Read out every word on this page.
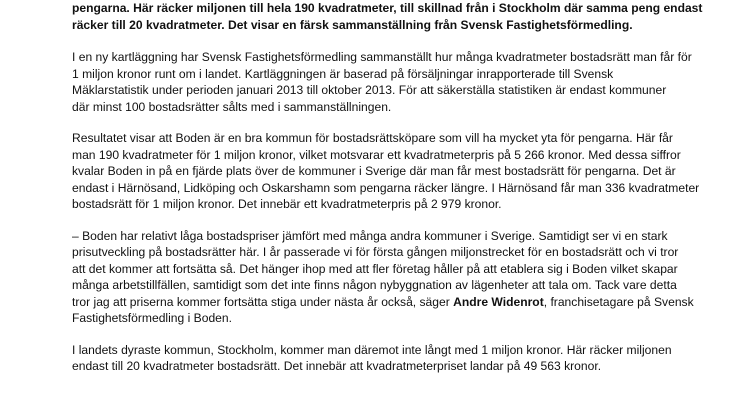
pengarna. Här räcker miljonen till hela 190 kvadratmeter, till skillnad från i Stockholm där samma peng endast

räcker till 20 kvadratmeter. Det visar en färsk sammanställning från Svensk Fastighetsförmedling.

I en ny kartläggning har Svensk Fastighetsförmedling sammanställt hur många kvadratmeter bostadsrätt man får för

1 miljon kronor runt om i landet. Kartläggningen är baserad på försäljningar inrapporterade till Svensk

Mäklarstatistik under perioden januari 2013 till oktober 2013. För att säkerställa statistiken är endast kommuner

där minst 100 bostadsrätter sålts med i sammanställningen.

Resultatet visar att Boden är en bra kommun för bostadsrättsköpare som vill ha mycket yta för pengarna. Här får

man 190 kvadratmeter för 1 miljon kronor, vilket motsvarar ett kvadratmeterpris på 5 266 kronor. Med dessa siffror

kvalar Boden in på en fjärde plats över de kommuner i Sverige där man får mest bostadsrätt för pengarna. Det är

endast i Härnösand, Lidköping och Oskarshamn som pengarna räcker längre. I Härnösand får man 336 kvadratmeter

bostadsrätt för 1 miljon kronor. Det innebär ett kvadratmeterpris på 2 979 kronor.

– Boden har relativt låga bostadspriser jämfört med många andra kommuner i Sverige. Samtidigt ser vi en stark

prisutveckling på bostadsrätter här. I år passerade vi för första gången miljonstrecket för en bostadsrätt och vi tror

att det kommer att fortsätta så. Det hänger ihop med att fler företag håller på att etablera sig i Boden vilket skapar

många arbetstillfällen, samtidigt som det inte finns någon nybyggnation av lägenheter att tala om. Tack vare detta

tror jag att priserna kommer fortsätta stiga under nästa år också, säger Andre Widenrot, franchisetagare på Svensk

Fastighetsförmedling i Boden.

I landets dyraste kommun, Stockholm, kommer man däremot inte långt med 1 miljon kronor. Här räcker miljonen

endast till 20 kvadratmeter bostadsrätt. Det innebär att kvadratmeterpriset landar på 49 563 kronor.
